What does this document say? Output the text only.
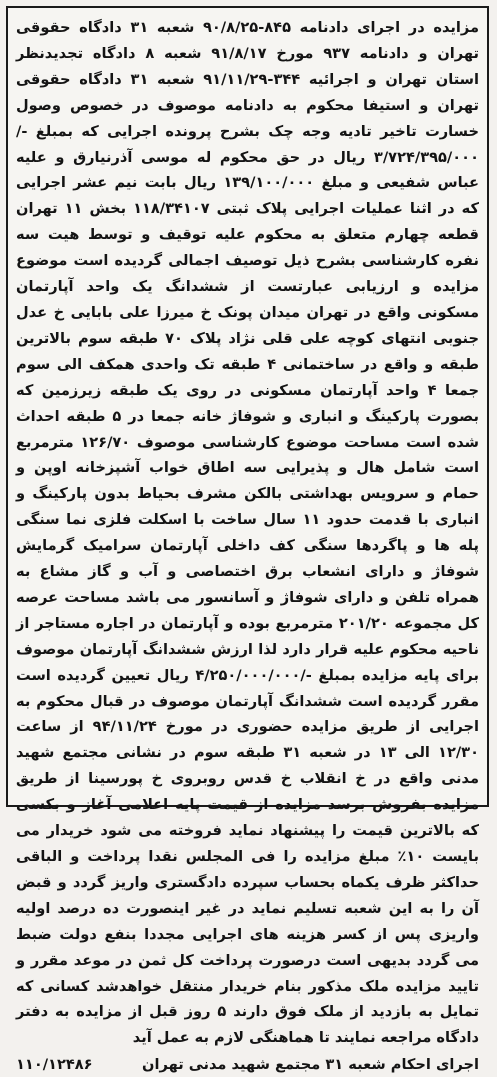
مزایده در اجرای دادنامه ۸۴۵-۹۰/۸/۲۵ شعبه ۳۱ دادگاه حقوقی تهران و دادنامه ۹۳۷ مورخ ۹۱/۸/۱۷ شعبه ۸ دادگاه تجدیدنظر استان تهران و اجرائیه ۳۴۴-۹۱/۱۱/۲۹ شعبه ۳۱ دادگاه حقوقی تهران و استیفا محکوم به دادنامه موصوف در خصوص وصول خسارت تاخیر تادیه وجه چک بشرح پرونده اجرایی که بمبلغ -/۳/۷۲۴/۳۹۵/۰۰۰ ریال در حق محکوم له موسی آذرنیارق و علیه عباس شفیعی و مبلغ ۱۳۹/۱۰۰/۰۰۰ ریال بابت نیم عشر اجرایی که در اثنا عملیات اجرایی پلاک ثبتی ۱۱۸/۳۴۱۰۷ بخش ۱۱ تهران قطعه چهارم متعلق به محکوم علیه توقیف و توسط هیت سه نفره کارشناسی بشرح ذیل توصیف اجمالی گردیده است موضوع مزایده و ارزیابی عبارتست از ششدانگ یک واحد آپارتمان مسکونی واقع در تهران میدان پونک خ میرزا علی بابایی خ عدل جنوبی انتهای کوچه علی قلی نژاد پلاک ۷۰ طبقه سوم بالاترین طبقه و واقع در ساختمانی ۴ طبقه تک واحدی همکف الی سوم جمعا ۴ واحد آپارتمان مسکونی در روی یک طبقه زیرزمین که بصورت پارکینگ و انباری و شوفاژ خانه جمعا در ۵ طبقه احداث شده است مساحت موضوع کارشناسی موصوف ۱۲۶/۷۰ مترمربع است شامل هال و پذیرایی سه اطاق خواب آشپزخانه اوپن و حمام و سرویس بهداشتی بالکن مشرف بحیاط بدون پارکینگ و انباری با قدمت حدود ۱۱ سال ساخت با اسکلت فلزی نما سنگی پله ها و پاگردها سنگی کف داخلی آپارتمان سرامیک گرمایش شوفاژ و دارای انشعاب برق اختصاصی و آب و گاز مشاع به همراه تلفن و دارای شوفاژ و آسانسور می باشد مساحت عرصه کل مجموعه ۲۰۱/۲۰ مترمربع بوده و آپارتمان در اجاره مستاجر از ناحیه محکوم علیه قرار دارد لذا ارزش ششدانگ آپارتمان موصوف برای پایه مزایده بمبلغ -/۴/۲۵۰/۰۰۰/۰۰۰ ریال تعیین گردیده است مقرر گردیده است ششدانگ آپارتمان موصوف در قبال محکوم به اجرایی از طریق مزایده حضوری در مورخ ۹۴/۱۱/۲۴ از ساعت ۱۲/۳۰ الی ۱۳ در شعبه ۳۱ طبقه سوم در نشانی مجتمع شهید مدنی واقع در خ انقلاب خ قدس روبروی خ پورسینا از طریق مزایده بفروش برسد مزایده از قیمت پایه اعلامی آغاز و بکسی که بالاترین قیمت را پیشنهاد نماید فروخته می شود خریدار می بایست ۱۰٪ مبلغ مزایده را فی المجلس نقدا پرداخت و الباقی حداکثر ظرف یکماه بحساب سپرده دادگستری واریز گردد و قبض آن را به این شعبه تسلیم نماید در غیر اینصورت ده درصد اولیه واریزی پس از کسر هزینه های اجرایی مجددا بنفع دولت ضبط می گردد بدیهی است درصورت پرداخت کل ثمن در موعد مقرر و تایید مزایده ملک مذکور بنام خریدار منتقل خواهدشد کسانی که تمایل به بازدید از ملک فوق دارند ۵ روز قبل از مزایده به دفتر دادگاه مراجعه نمایند تا هماهنگی لازم به عمل آید

اجرای احکام شعبه ۳۱ مجتمع شهید مدنی تهران
۱۱۰/۱۲۴۸۶
